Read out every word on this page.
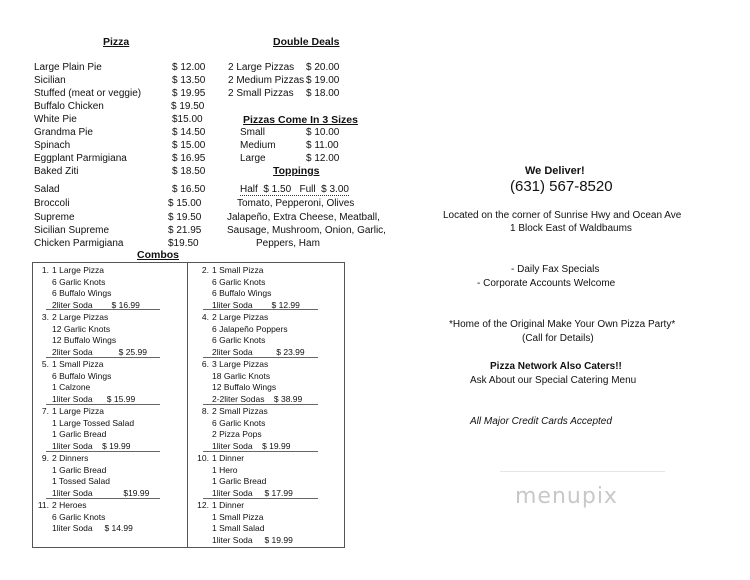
Pizza
Large Plain Pie	$ 12.00
Sicilian	$ 13.50
Stuffed (meat or veggie)	$ 19.95
Buffalo Chicken	$ 19.50
White Pie	$15.00
Grandma Pie	$ 14.50
Spinach	$ 15.00
Eggplant Parmigiana	$ 16.95
Baked Ziti	$ 18.50
Salad	$ 16.50
Broccoli	$ 15.00
Supreme	$ 19.50
Sicilian Supreme	$ 21.95
Chicken Parmigiana	$19.50
Double Deals
2 Large Pizzas $ 20.00
2 Medium Pizzas $ 19.00
2 Small Pizzas $ 18.00
Pizzas Come In 3 Sizes
Small	$ 10.00
Medium	$ 11.00
Large	$ 12.00
Toppings
Half  $ 1.50   Full  $ 3.00
Tomato, Pepperoni, Olives
Jalapeño, Extra Cheese, Meatball,
Sausage, Mushroom, Onion, Garlic,
Peppers, Ham
Combos
1. 1 Large Pizza
6 Garlic Knots
6 Buffalo Wings
2liter Soda        $ 16.99
2. 1 Small Pizza
6 Garlic Knots
6 Buffalo Wings
1liter Soda        $ 12.99
3. 2 Large Pizzas
12 Garlic Knots
12 Buffalo Wings
2liter Soda           $ 25.99
4. 2 Large Pizzas
6 Jalapeño Poppers
6 Garlic Knots
2liter Soda          $ 23.99
5. 1 Small Pizza
6 Buffalo Wings
1 Calzone
1liter Soda      $ 15.99
6. 3 Large Pizzas
18 Garlic Knots
12 Buffalo Wings
2-2liter Sodas    $ 38.99
7. 1 Large Pizza
1 Large Tossed Salad
1 Garlic Bread
1liter Soda    $ 19.99
8. 2 Small Pizzas
6 Garlic Knots
2 Pizza Pops
1liter Soda    $ 19.99
9. 2 Dinners
1 Garlic Bread
1 Tossed Salad
1liter Soda             $19.99
10. 1 Dinner
1 Hero
1 Garlic Bread
1liter Soda     $ 17.99
11. 2 Heroes
6 Garlic Knots
1liter Soda     $ 14.99
12. 1 Dinner
1 Small Pizza
1 Small Salad
1liter Soda     $ 19.99
We Deliver!
(631) 567-8520
Located on the corner of Sunrise Hwy and Ocean Ave
1 Block East of Waldbaums
- Daily Fax Specials
- Corporate Accounts Welcome
*Home of the Original Make Your Own Pizza Party*
(Call for Details)
Pizza Network Also Caters!!
Ask About our Special Catering Menu
All Major Credit Cards Accepted
menupix
